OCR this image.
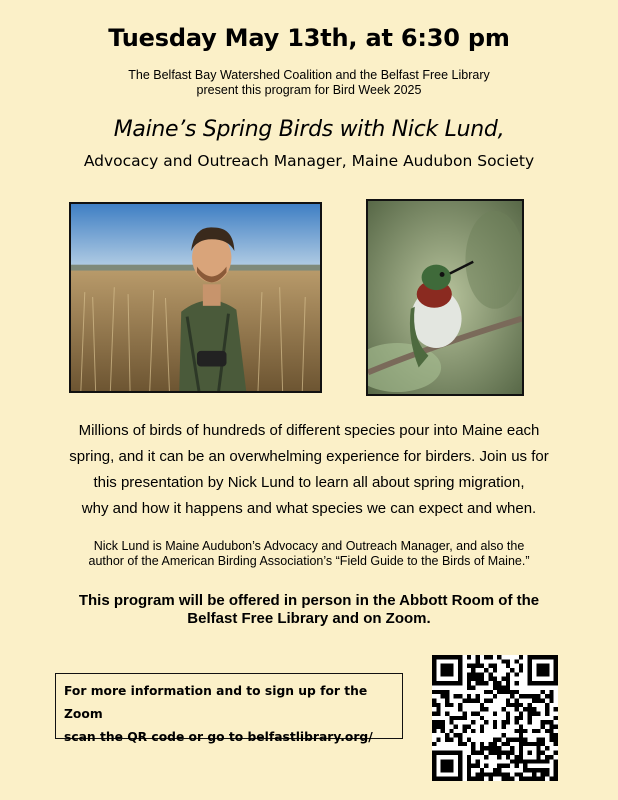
Tuesday May 13th, at 6:30 pm
The Belfast Bay Watershed Coalition and the Belfast Free Library
present this program for Bird Week 2025
Maine’s Spring Birds with Nick Lund,
Advocacy and Outreach Manager, Maine Audubon Society
Millions of birds of hundreds of different species pour into Maine each
spring, and it can be an overwhelming experience for birders. Join us for
this presentation by Nick Lund to learn all about spring migration,
why and how it happens and what species we can expect and when.
Nick Lund is Maine Audubon’s Advocacy and Outreach Manager, and also the
author of the American Birding Association’s “Field Guide to the Birds of Maine.”
This program will be offered in person in the Abbott Room of the
Belfast Free Library and on Zoom.
For more information and to sign up for the Zoom
scan the QR code or go to belfastlibrary.org/
